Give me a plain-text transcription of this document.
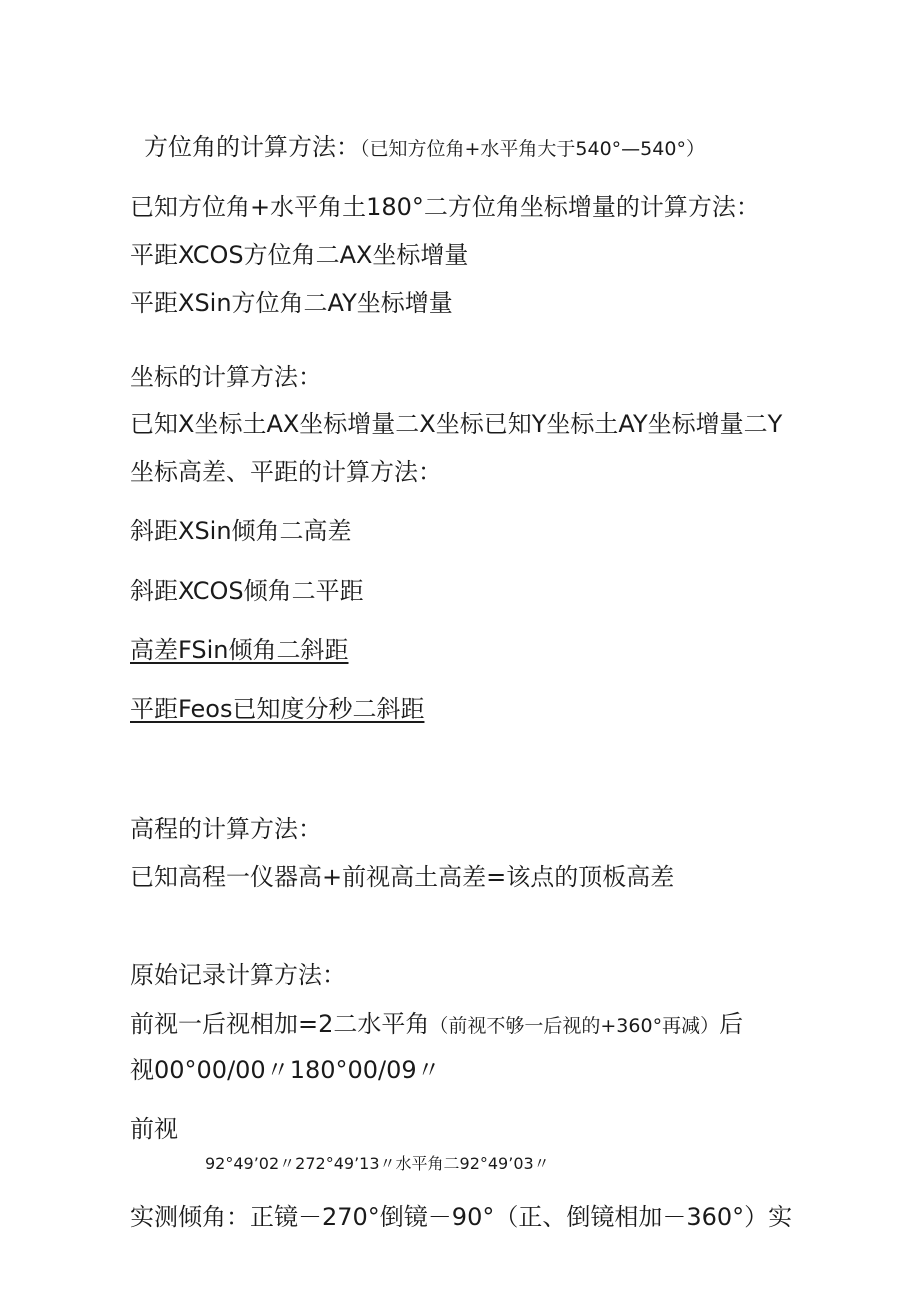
方位角的计算方法：（已知方位角+水平角大于540°—540°）
已知方位角+水平角土180°二方位角坐标增量的计算方法：
平距XCOS方位角二AX坐标增量
平距XSin方位角二AY坐标增量
坐标的计算方法：
已知X坐标土AX坐标增量二X坐标已知Y坐标土AY坐标增量二Y
坐标高差、平距的计算方法：
斜距XSin倾角二高差
斜距XCOS倾角二平距
高差FSin倾角二斜距
平距Feos已知度分秒二斜距
高程的计算方法：
已知高程一仪器高+前视高土高差=该点的顶板高差
原始记录计算方法：
前视一后视相加=2二水平角（前视不够一后视的+360°再减）后
视00°00/00〃180°00/09〃
前视
92°49’02〃272°49’13〃水平角二92°49’03〃
实测倾角：正镜－270°倒镜－90°（正、倒镜相加－360°）实
